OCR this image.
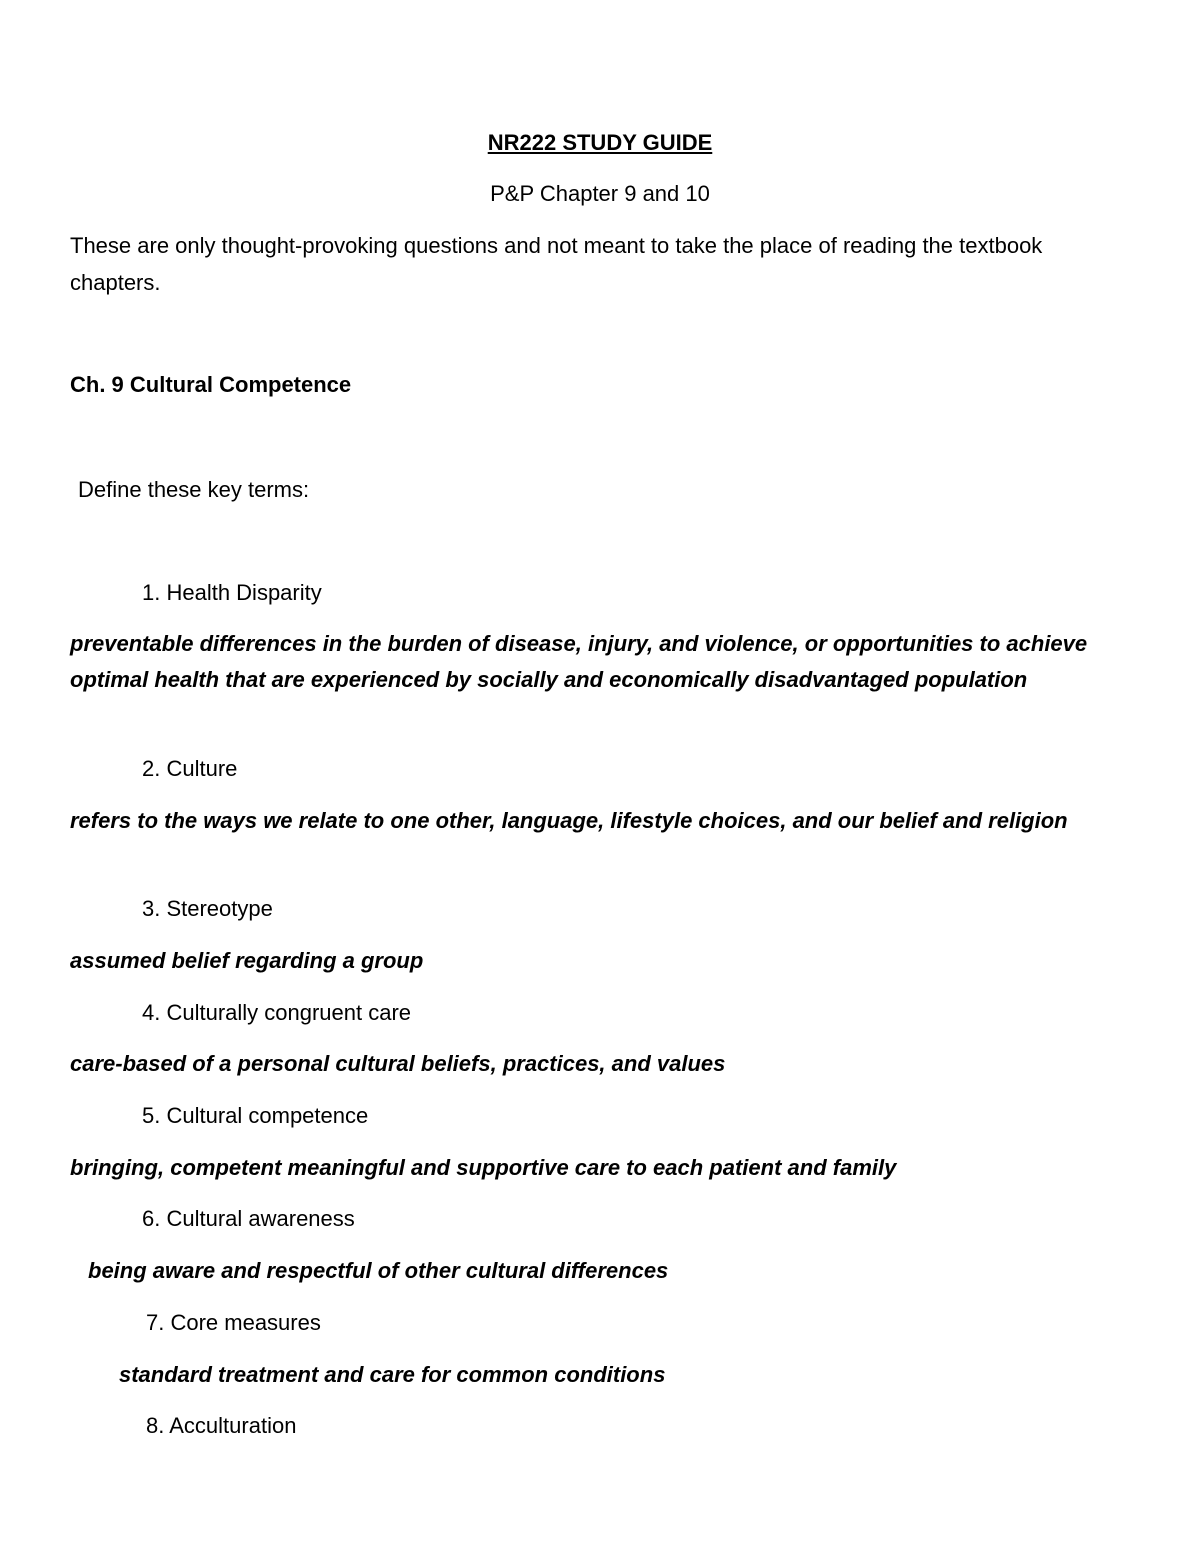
NR222 STUDY GUIDE

P&P Chapter 9 and 10

These are only thought-provoking questions and not meant to take the place of reading the textbook chapters.

Ch. 9 Cultural Competence

Define these key terms:

1. Health Disparity

preventable differences in the burden of disease, injury, and violence, or opportunities to achieve optimal health that are experienced by socially and economically disadvantaged population

2. Culture

refers to the ways we relate to one other, language, lifestyle choices, and our belief and religion

3. Stereotype

assumed belief regarding a group

4. Culturally congruent care

care-based of a personal cultural beliefs, practices, and values

5. Cultural competence

bringing, competent meaningful and supportive care to each patient and family

6. Cultural awareness

being aware and respectful of other cultural differences

7. Core measures

standard treatment and care for common conditions

8. Acculturation
